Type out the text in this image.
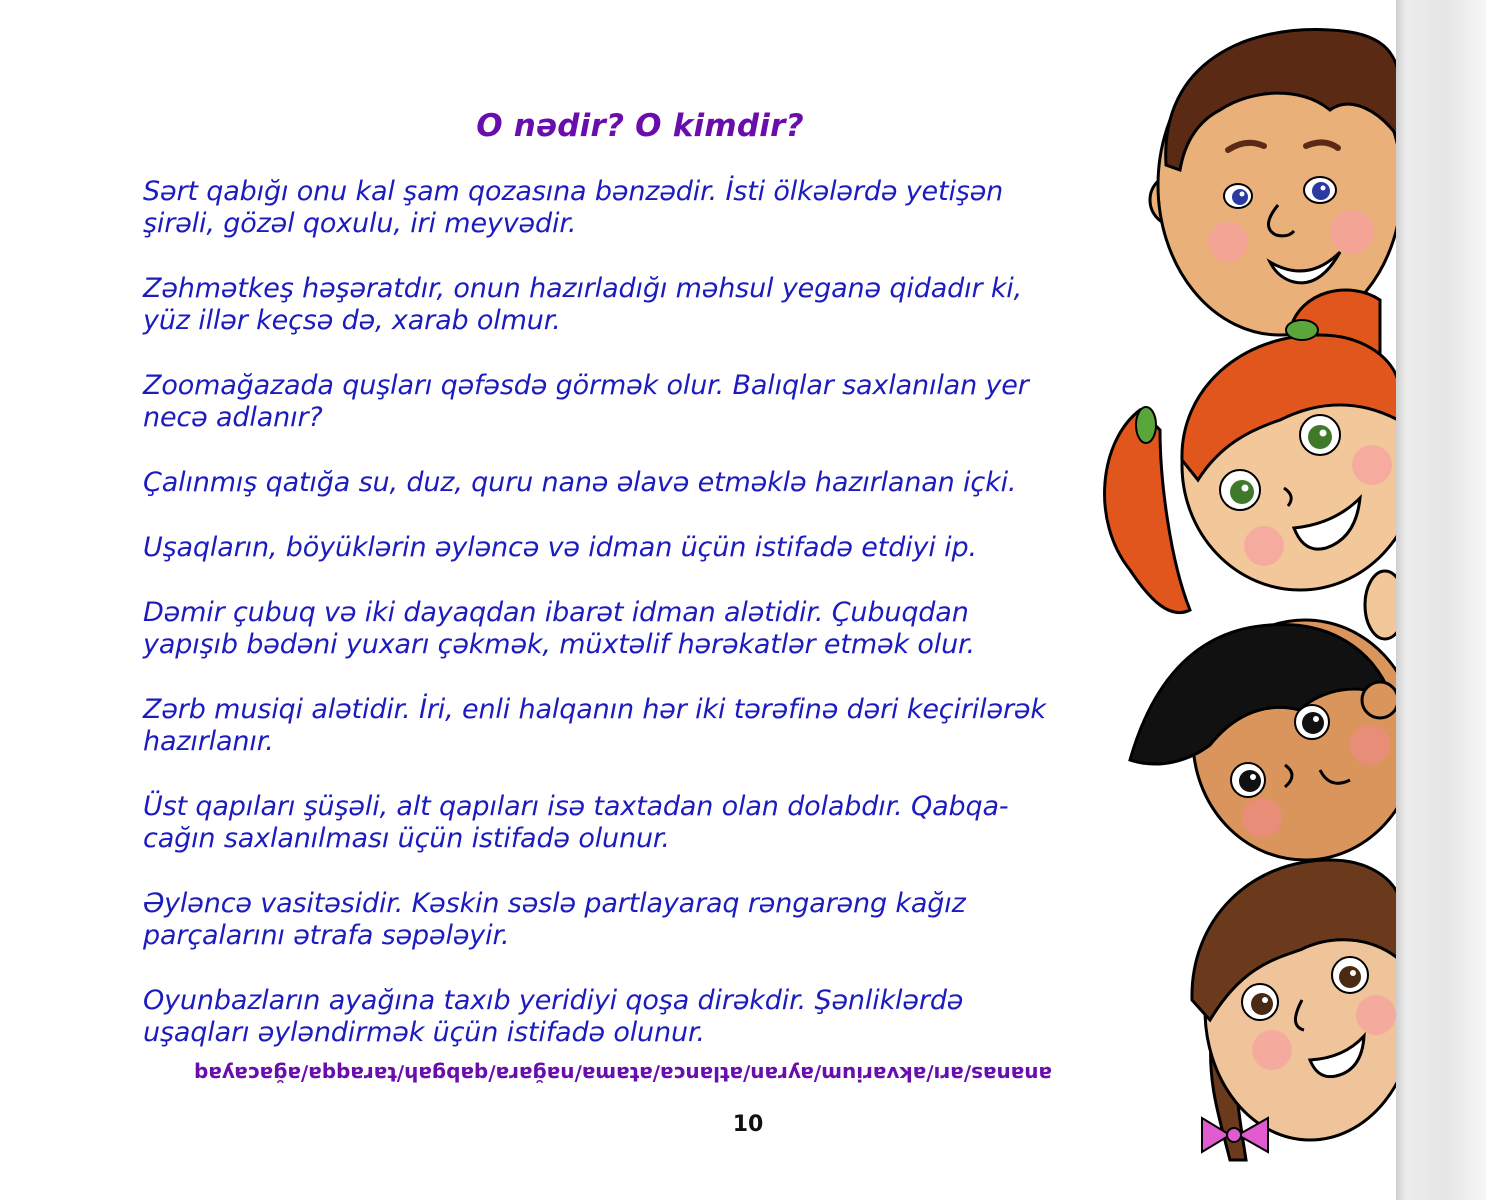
O nədir? O kimdir?
Sərt qabığı onu kal şam qozasına bənzədir. İsti ölkələrdə yetişən
şirəli, gözəl qoxulu, iri meyvədir.
Zəhmətkeş həşəratdır, onun hazırladığı məhsul yeganə qidadır ki,
yüz illər keçsə də, xarab olmur.
Zoomağazada quşları qəfəsdə görmək olur. Balıqlar saxlanılan yer
necə adlanır?
Çalınmış qatığa su, duz, quru nanə əlavə etməklə hazırlanan içki.
Uşaqların, böyüklərin əyləncə və idman üçün istifadə etdiyi ip.
Dəmir çubuq və iki dayaqdan ibarət idman alətidir. Çubuqdan
yapışıb bədəni yuxarı çəkmək, müxtəlif hərəkatlər etmək olur.
Zərb musiqi alətidir. İri, enli halqanın hər iki tərəfinə dəri keçirilərək
hazırlanır.
Üst qapıları şüşəli, alt qapıları isə taxtadan olan dolabdır. Qabqa-
cağın saxlanılması üçün istifadə olunur.
Əyləncə vasitəsidir. Kəskin səslə partlayaraq rəngarəng kağız
parçalarını ətrafa səpələyir.
Oyunbazların ayağına taxıb yeridiyi qoşa dirəkdir. Şənliklərdə
uşaqları əyləndirmək üçün istifadə olunur.
ananas/arı/akvarium/ayran/atlanca/atama/nağara/qabgah/taraqqa/ağacayaq
10
